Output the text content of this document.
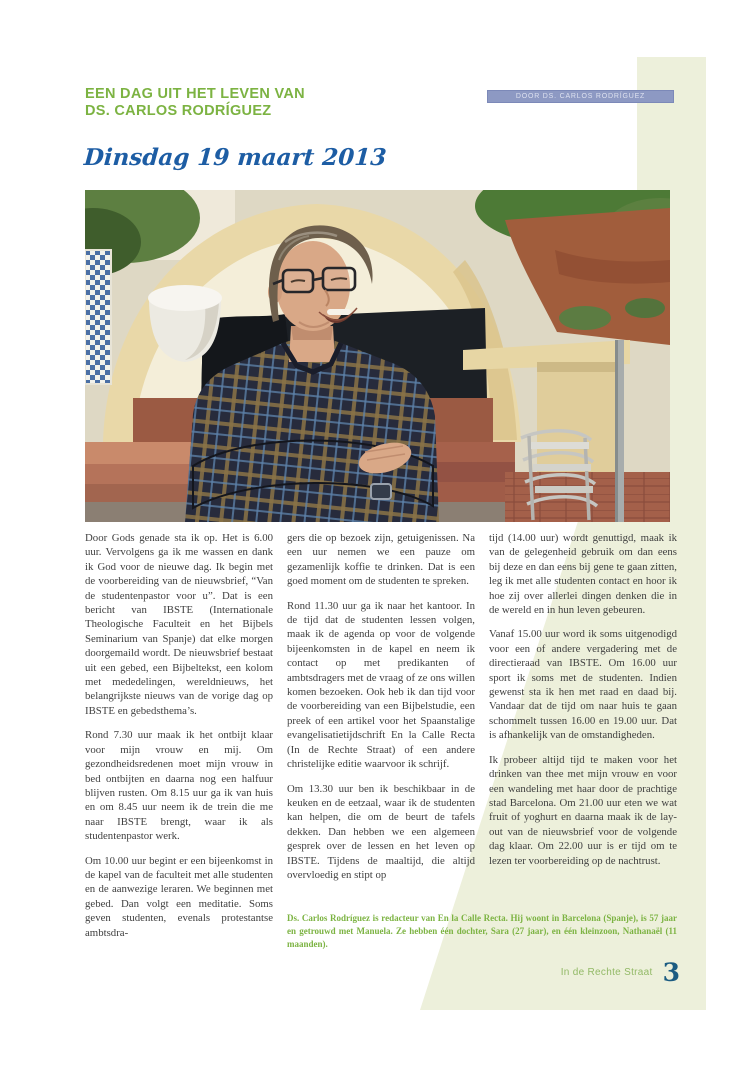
EEN DAG UIT HET LEVEN VAN
DS. CARLOS RODRÍGUEZ
DOOR DS. CARLOS RODRÍGUEZ
Dinsdag 19 maart 2013

Door Gods genade sta ik op. Het is 6.00 uur. Vervolgens ga ik me wassen en dank ik God voor de nieuwe dag. Ik begin met de voorbereiding van de nieuwsbrief, “Van de studentenpastor voor u”. Dat is een bericht van IBSTE (Internationale Theologische Faculteit en het Bijbels Seminarium van Spanje) dat elke morgen doorgemaild wordt. De nieuwsbrief bestaat uit een gebed, een Bijbeltekst, een kolom met mededelingen, wereldnieuws, het belangrijkste nieuws van de vorige dag op IBSTE en gebedsthema’s.

Rond 7.30 uur maak ik het ontbijt klaar voor mijn vrouw en mij. Om gezondheidsredenen moet mijn vrouw in bed ontbijten en daarna nog een halfuur blijven rusten. Om 8.15 uur ga ik van huis en om 8.45 uur neem ik de trein die me naar IBSTE brengt, waar ik als studentenpastor werk.

Om 10.00 uur begint er een bijeenkomst in de kapel van de faculteit met alle studenten en de aanwezige leraren. We beginnen met gebed. Dan volgt een meditatie. Soms geven studenten, evenals protestantse ambtsdra-

gers die op bezoek zijn, getuigenissen. Na een uur nemen we een pauze om gezamenlijk koffie te drinken. Dat is een goed moment om de studenten te spreken.

Rond 11.30 uur ga ik naar het kantoor. In de tijd dat de studenten lessen volgen, maak ik de agenda op voor de volgende bijeenkomsten in de kapel en neem ik contact op met predikanten of ambtsdragers met de vraag of ze ons willen komen bezoeken. Ook heb ik dan tijd voor de voorbereiding van een Bijbelstudie, een preek of een artikel voor het Spaanstalige evangelisatietijdschrift En la Calle Recta (In de Rechte Straat) of een andere christelijke editie waarvoor ik schrijf.

Om 13.30 uur ben ik beschikbaar in de keuken en de eetzaal, waar ik de studenten kan helpen, die om de beurt de tafels dekken. Dan hebben we een algemeen gesprek over de lessen en het leven op IBSTE. Tijdens de maaltijd, die altijd overvloedig en stipt op

tijd (14.00 uur) wordt genuttigd, maak ik van de gelegenheid gebruik om dan eens bij deze en dan eens bij gene te gaan zitten, leg ik met alle studenten contact en hoor ik hoe zij over allerlei dingen denken die in de wereld en in hun leven gebeuren.

Vanaf 15.00 uur word ik soms uitgenodigd voor een of andere vergadering met de directieraad van IBSTE. Om 16.00 uur sport ik soms met de studenten. Indien gewenst sta ik hen met raad en daad bij. Vandaar dat de tijd om naar huis te gaan schommelt tussen 16.00 en 19.00 uur. Dat is afhankelijk van de omstandigheden.

Ik probeer altijd tijd te maken voor het drinken van thee met mijn vrouw en voor een wandeling met haar door de prachtige stad Barcelona. Om 21.00 uur eten we wat fruit of yoghurt en daarna maak ik de lay-out van de nieuwsbrief voor de volgende dag klaar. Om 22.00 uur is er tijd om te lezen ter voorbereiding op de nachtrust.

Ds. Carlos Rodríguez is redacteur van En la Calle Recta. Hij woont in Barcelona (Spanje), is 57 jaar en getrouwd met Manuela. Ze hebben één dochter, Sara (27 jaar), en één kleinzoon, Nathanaël (11 maanden).
In de Rechte Straat 3
